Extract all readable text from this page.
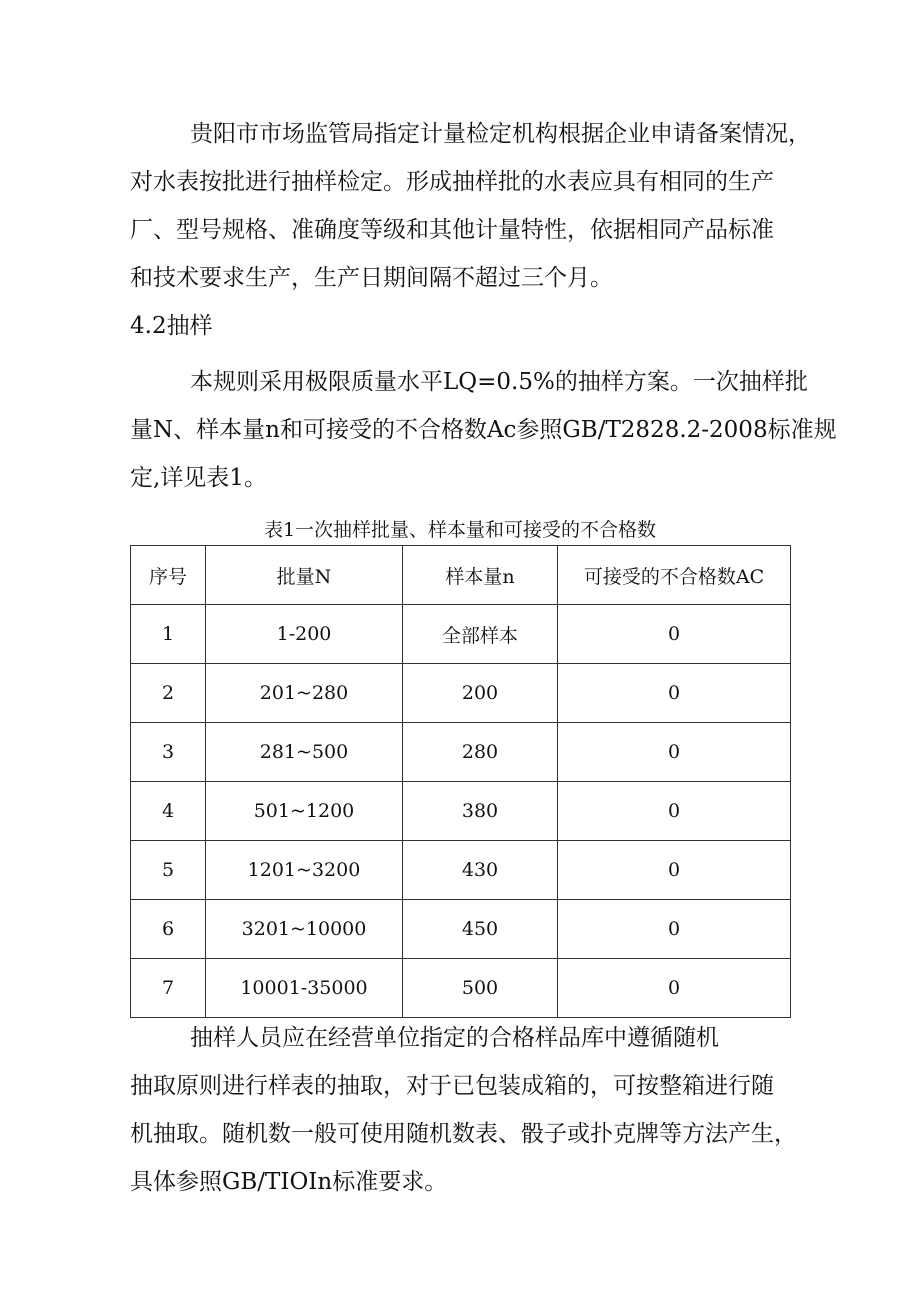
贵阳市市场监管局指定计量检定机构根据企业申请备案情况，
对水表按批进行抽样检定。形成抽样批的水表应具有相同的生产
厂、型号规格、准确度等级和其他计量特性，依据相同产品标准
和技术要求生产，生产日期间隔不超过三个月。
4.2抽样
本规则采用极限质量水平LQ=0.5%的抽样方案。一次抽样批
量N、样本量n和可接受的不合格数Ac参照GB/T2828.2-2008标准规
定,详见表1。
表1一次抽样批量、样本量和可接受的不合格数
序号	批量N	样本量n	可接受的不合格数AC
1	1-200	全部样本	0
2	201~280	200	0
3	281~500	280	0
4	501~1200	380	0
5	1201~3200	430	0
6	3201~10000	450	0
7	10001-35000	500	0
抽样人员应在经营单位指定的合格样品库中遵循随机
抽取原则进行样表的抽取，对于已包装成箱的，可按整箱进行随
机抽取。随机数一般可使用随机数表、骰子或扑克牌等方法产生，
具体参照GB/TIOIn标准要求。
